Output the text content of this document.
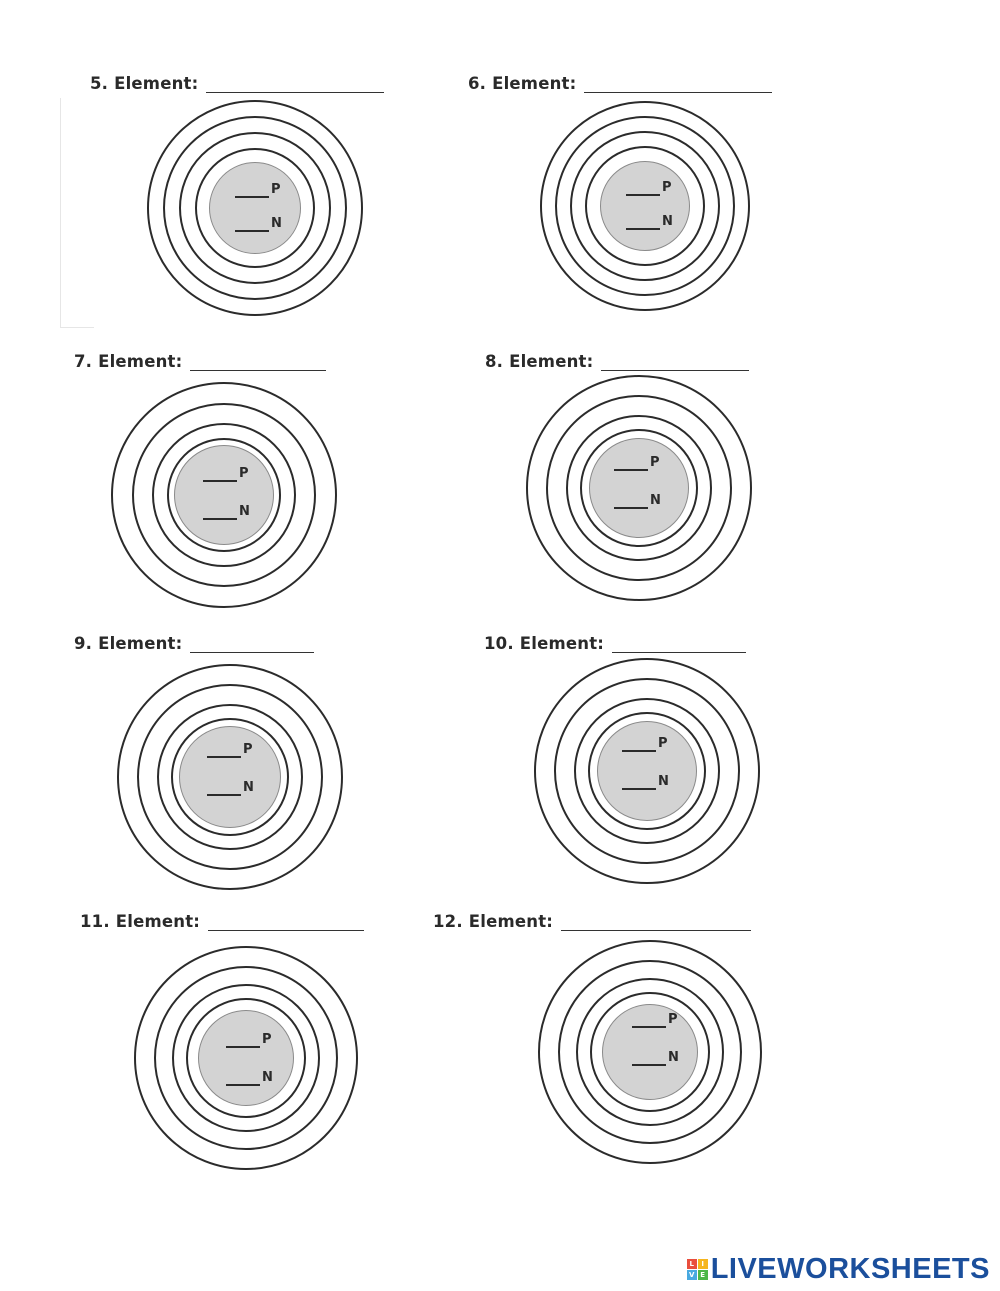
5. Element:
P
N
6. Element:
P
N
7. Element:
P
N
8. Element:
P
N
9. Element:
P
N
10. Element:
P
N
11. Element:
P
N
12. Element:
P
N
L	I
V E LIVEWORKSHEETS
